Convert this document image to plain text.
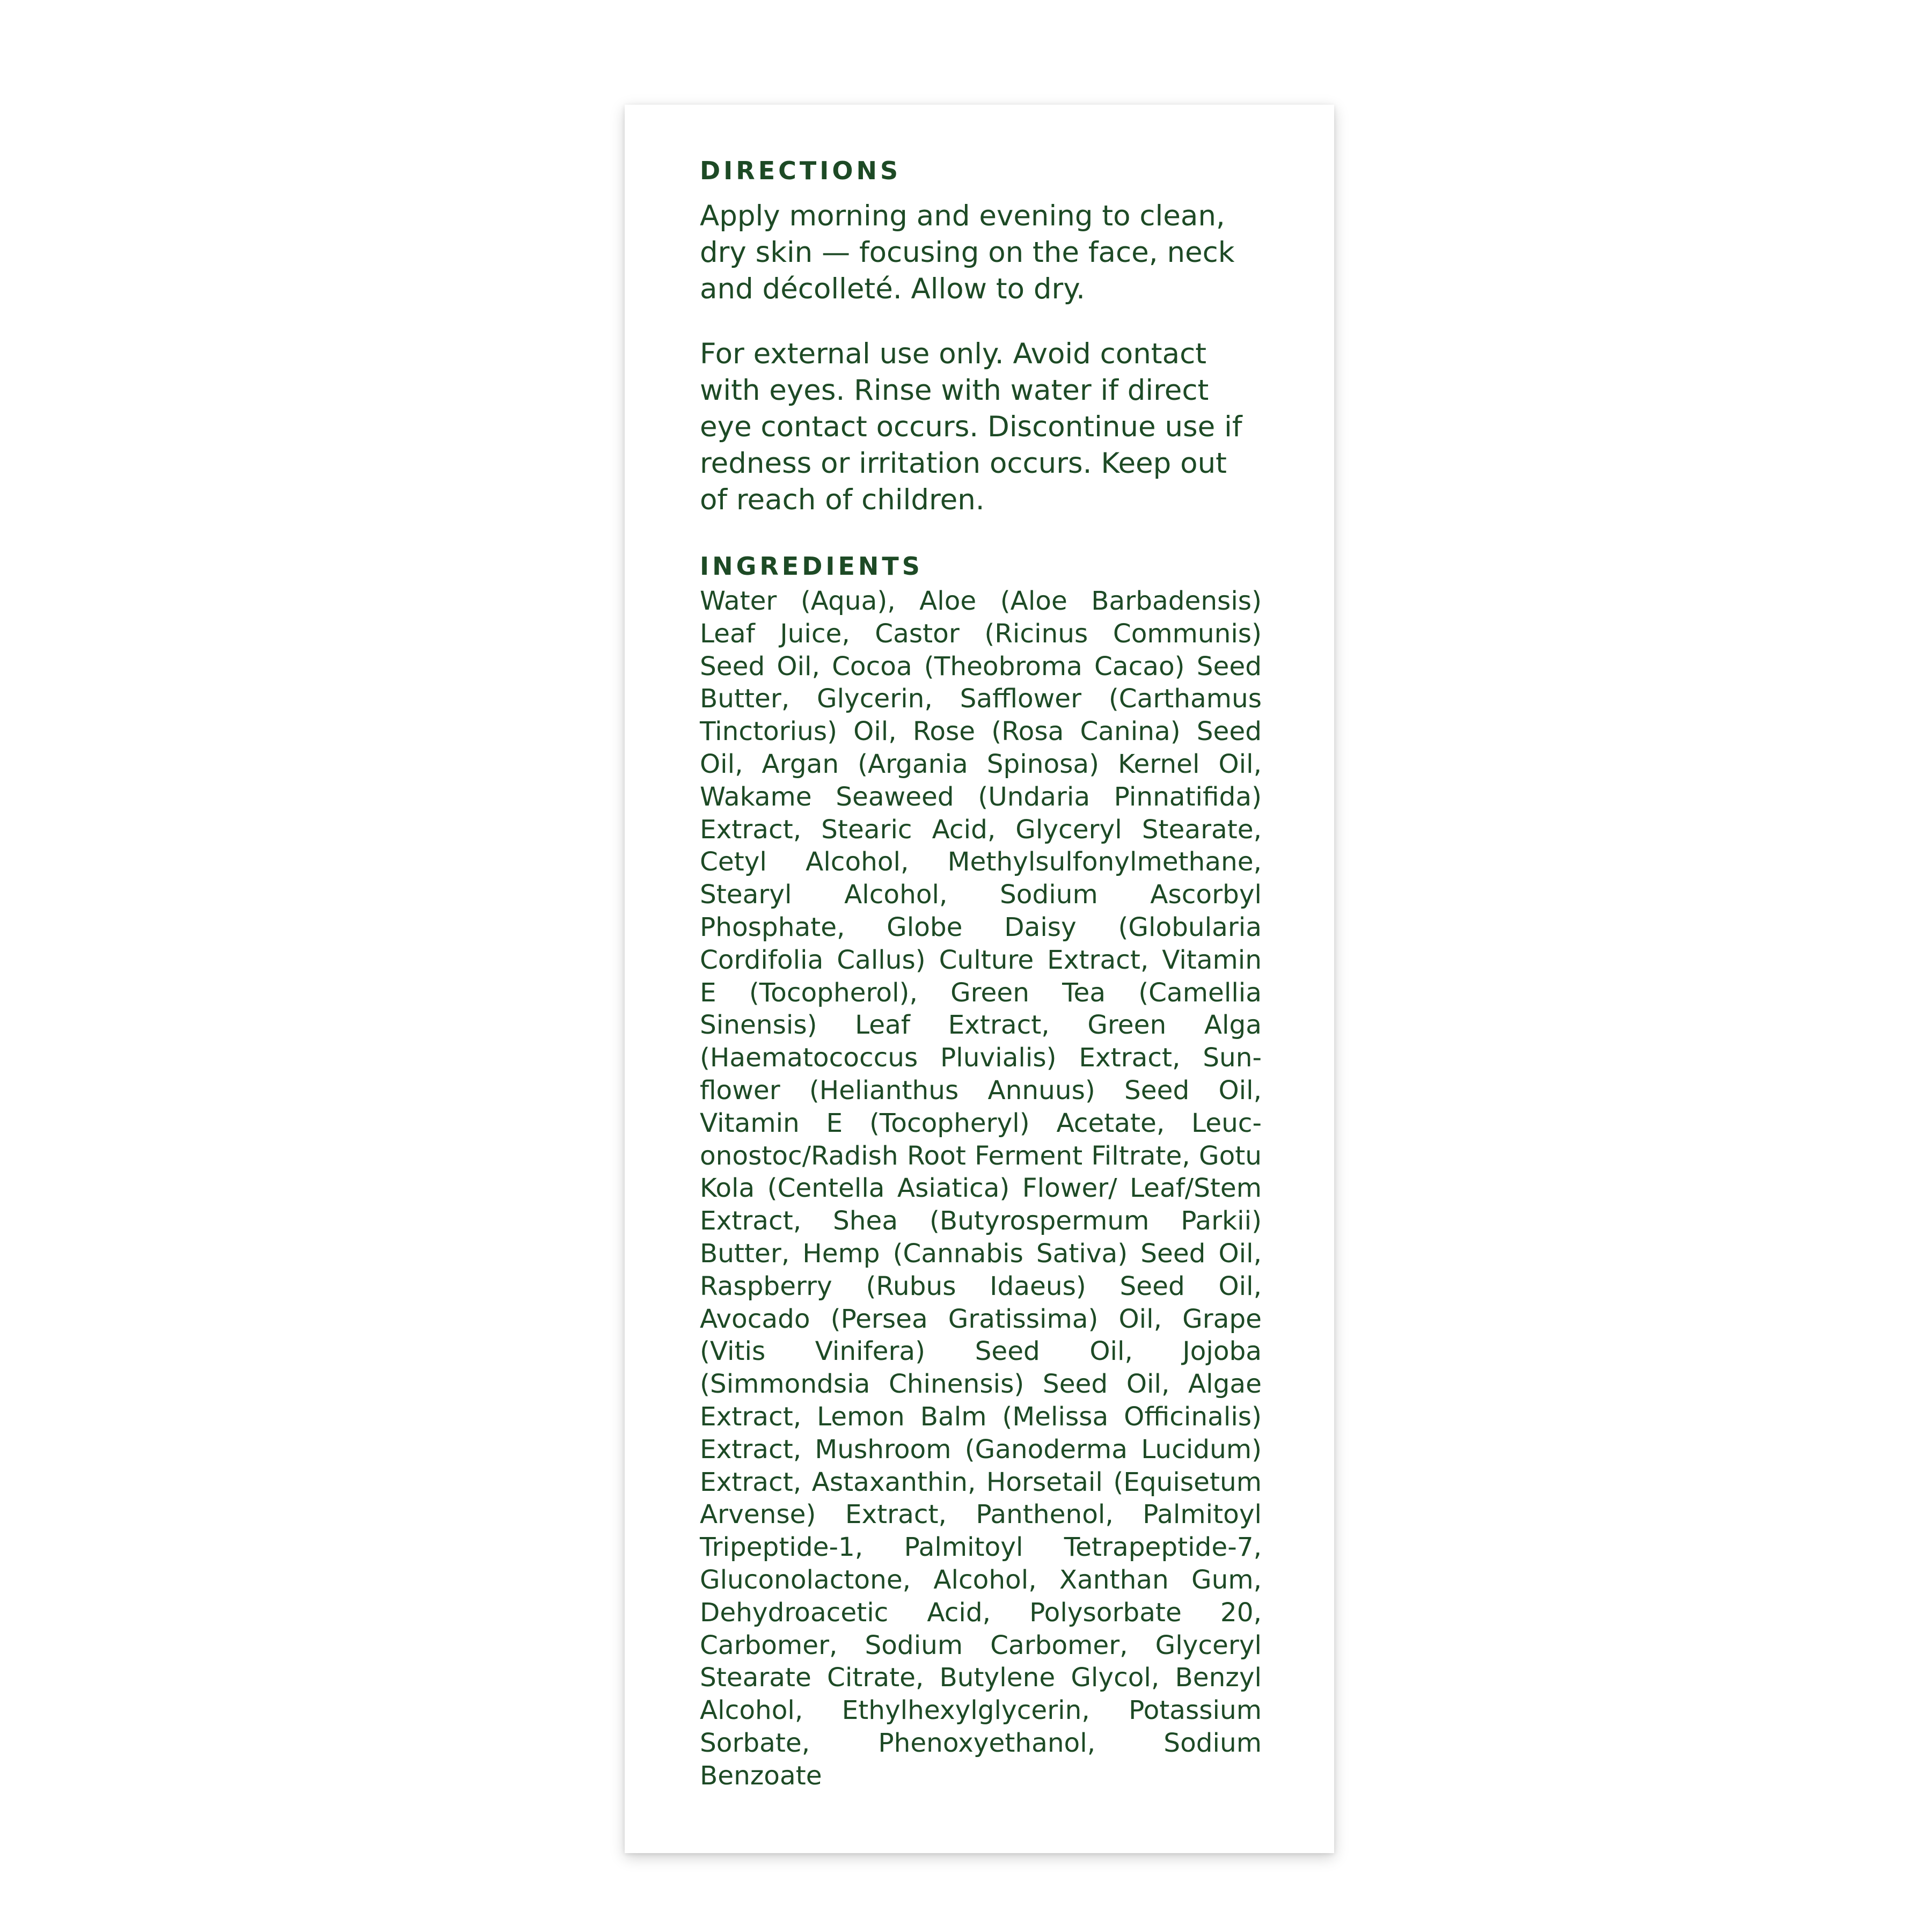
DIRECTIONS

Apply morning and evening to clean, dry skin — focusing on the face, neck and décolleté. Allow to dry.

For external use only. Avoid contact with eyes. Rinse with water if direct eye contact occurs. Discontinue use if redness or irritation occurs. Keep out of reach of children.

INGREDIENTS

Water (Aqua), Aloe (Aloe Barbadensis) Leaf Juice, Castor (Ricinus Communis) Seed Oil, Cocoa (Theobroma Cacao) Seed Butter, Glycerin, Safflower (Carthamus Tinctorius) Oil, Rose (Rosa Canina) Seed Oil, Argan (Argania Spinosa) Kernel Oil, Wakame Seaweed (Undaria Pinnatifida) Extract, Stearic Acid, Glyceryl Stearate, Cetyl Alcohol, Methylsulfonylmethane, Stearyl Alcohol, Sodium Ascorbyl Phosphate, Globe Daisy (Globularia Cordifolia Callus) Culture Extract, Vitamin E (Tocopherol), Green Tea (Camellia Sinensis) Leaf Extract, Green Alga (Haematococcus Pluvialis) Extract, Sunflower (Helianthus Annuus) Seed Oil, Vitamin E (Tocopheryl) Acetate, Leuconostoc/Radish Root Ferment Filtrate, Gotu Kola (Centella Asiatica) Flower/ Leaf/Stem Extract, Shea (Butyrospermum Parkii) Butter, Hemp (Cannabis Sativa) Seed Oil, Raspberry (Rubus Idaeus) Seed Oil, Avocado (Persea Gratissima) Oil, Grape (Vitis Vinifera) Seed Oil, Jojoba (Simmondsia Chinensis) Seed Oil, Algae Extract, Lemon Balm (Melissa Officinalis) Extract, Mushroom (Ganoderma Lucidum) Extract, Astaxanthin, Horsetail (Equisetum Arvense) Extract, Panthenol, Palmitoyl Tripeptide-1, Palmitoyl Tetrapeptide-7, Gluconolactone, Alcohol, Xanthan Gum, Dehydroacetic Acid, Polysorbate 20, Carbomer, Sodium Carbomer, Glyceryl Stearate Citrate, Butylene Glycol, Benzyl Alcohol, Ethylhexylglycerin, Potassium Sorbate, Phenoxyethanol, Sodium Benzoate
